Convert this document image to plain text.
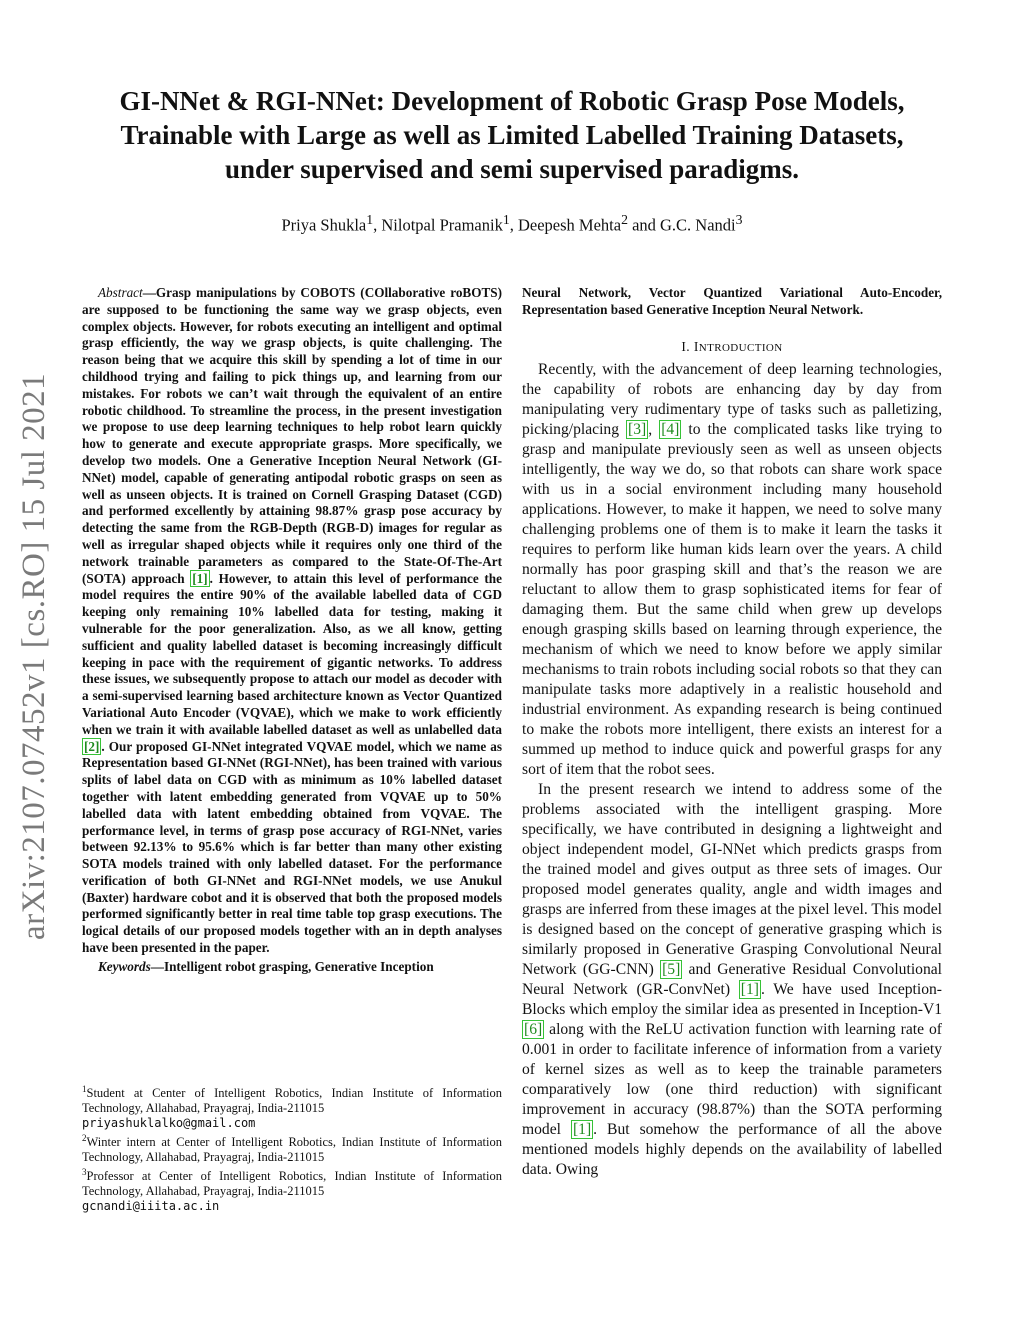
GI-NNet & RGI-NNet: Development of Robotic Grasp Pose Models,
Trainable with Large as well as Limited Labelled Training Datasets,
under supervised and semi supervised paradigms.
Priya Shukla$^1$, Nilotpal Pramanik$^1$, Deepesh Mehta$^2$ and G.C. Nandi$^3$
arXiv:2107.07452v1 [cs.RO] 15 Jul 2021

Abstract—Grasp manipulations by COBOTS (COllaborative roBOTS) are supposed to be functioning the same way we grasp objects, even complex objects. However, for robots executing an intelligent and optimal grasp efficiently, the way we grasp objects, is quite challenging. The reason being that we acquire this skill by spending a lot of time in our childhood trying and failing to pick things up, and learning from our mistakes. For robots we can’t wait through the equivalent of an entire robotic childhood. To streamline the process, in the present investigation we propose to use deep learning techniques to help robot learn quickly how to generate and execute appropriate grasps. More specifically, we develop two models. One a Generative Inception Neural Network (GI-NNet) model, capable of generating antipodal robotic grasps on seen as well as unseen objects. It is trained on Cornell Grasping Dataset (CGD) and performed excellently by attaining 98.87% grasp pose accuracy by detecting the same from the RGB-Depth (RGB-D) images for regular as well as irregular shaped objects while it requires only one third of the network trainable parameters as compared to the State-Of-The-Art (SOTA) approach [1] . However, to attain this level of performance the model requires the entire 90% of the available labelled data of CGD keeping only remaining 10% labelled data for testing, making it vulnerable for the poor generalization. Also, as we all know, getting sufficient and quality labelled dataset is becoming increasingly difficult keeping in pace with the requirement of gigantic networks. To address these issues, we subsequently propose to attach our model as decoder with a semi-supervised learning based architecture known as Vector Quantized Variational Auto Encoder (VQVAE), which we make to work efficiently when we train it with available labelled dataset as well as unlabelled data [2] . Our proposed GI-NNet integrated VQVAE model, which we name as Representation based GI-NNet (RGI-NNet), has been trained with various splits of label data on CGD with as minimum as 10% labelled dataset together with latent embedding generated from VQVAE up to 50% labelled data with latent embedding obtained from VQVAE. The performance level, in terms of grasp pose accuracy of RGI-NNet, varies between 92.13% to 95.6% which is far better than many other existing SOTA models trained with only labelled dataset. For the performance verification of both GI-NNet and RGI-NNet models, we use Anukul (Baxter) hardware cobot and it is observed that both the proposed models performed significantly better in real time table top grasp executions. The logical details of our proposed models together with an in depth analyses have been presented in the paper.

Keywords—Intelligent robot grasping, Generative Inception

Neural Network, Vector Quantized Variational Auto-Encoder, Representation based Generative Inception Neural Network.

I. INTRODUCTION

Recently, with the advancement of deep learning technologies, the capability of robots are enhancing day by day from manipulating very rudimentary type of tasks such as palletizing, picking/placing [3] , [4] to the complicated tasks like trying to grasp and manipulate previously seen as well as unseen objects intelligently, the way we do, so that robots can share work space with us in a social environment including many household applications. However, to make it happen, we need to solve many challenging problems one of them is to make it learn the tasks it requires to perform like human kids learn over the years. A child normally has poor grasping skill and that’s the reason we are reluctant to allow them to grasp sophisticated items for fear of damaging them. But the same child when grew up develops enough grasping skills based on learning through experience, the mechanism of which we need to know before we apply similar mechanisms to train robots including social robots so that they can manipulate tasks more adaptively in a realistic household and industrial environment. As expanding research is being continued to make the robots more intelligent, there exists an interest for a summed up method to induce quick and powerful grasps for any sort of item that the robot sees.

In the present research we intend to address some of the problems associated with the intelligent grasping. More specifically, we have contributed in designing a lightweight and object independent model, GI-NNet which predicts grasps from the trained model and gives output as three sets of images. Our proposed model generates quality, angle and width images and grasps are inferred from these images at the pixel level. This model is designed based on the concept of generative grasping which is similarly proposed in Generative Grasping Convolutional Neural Network (GG-CNN) [5] and Generative Residual Convolutional Neural Network (GR-ConvNet) [1] . We have used Inception-Blocks which employ the similar idea as presented in Inception-V1 [6] along with the ReLU activation function with learning rate of 0.001 in order to facilitate inference of information from a variety of kernel sizes as well as to keep the trainable parameters comparatively low (one third reduction) with significant improvement in accuracy (98.87%) than the SOTA performing model [1] . But somehow the performance of all the above mentioned models highly depends on the availability of labelled data. Owing

$^1$Student at Center of Intelligent Robotics, Indian Institute of Information Technology, Allahabad, Prayagraj, India-211015
priyashuklalko@gmail.com

$^2$Winter intern at Center of Intelligent Robotics, Indian Institute of Information Technology, Allahabad, Prayagraj, India-211015

$^3$Professor at Center of Intelligent Robotics, Indian Institute of Information Technology, Allahabad, Prayagraj, India-211015
gcnandi@iiita.ac.in
